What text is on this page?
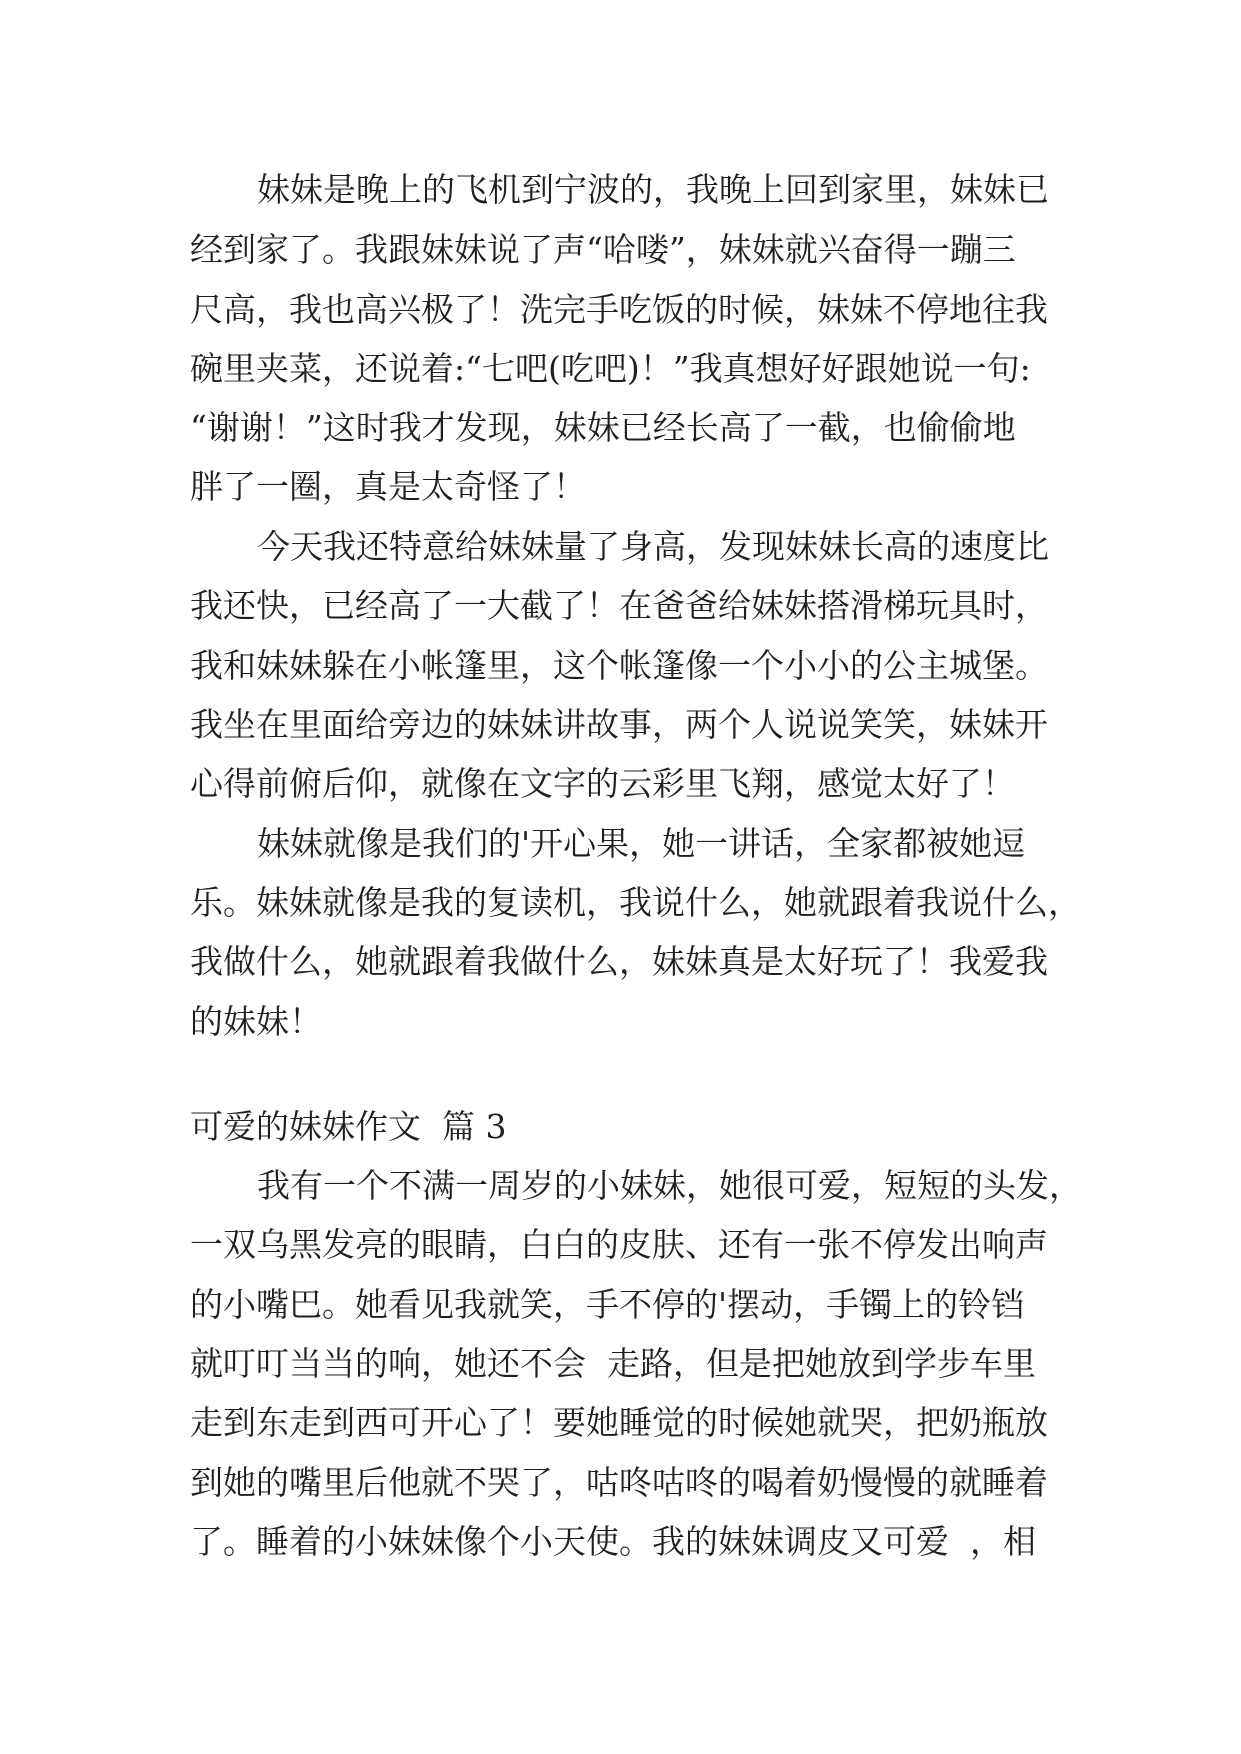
妹妹是晚上的飞机到宁波的，我晚上回到家里，妹妹已
经到家了。我跟妹妹说了声“哈喽”，妹妹就兴奋得一蹦三
尺高，我也高兴极了！洗完手吃饭的时候，妹妹不停地往我
碗里夹菜，还说着:“七吧(吃吧)！”我真想好好跟她说一句:
“谢谢！”这时我才发现，妹妹已经长高了一截，也偷偷地
胖了一圈，真是太奇怪了！
今天我还特意给妹妹量了身高，发现妹妹长高的速度比
我还快，已经高了一大截了！在爸爸给妹妹搭滑梯玩具时，
我和妹妹躲在小帐篷里，这个帐篷像一个小小的公主城堡。
我坐在里面给旁边的妹妹讲故事，两个人说说笑笑，妹妹开
心得前俯后仰，就像在文字的云彩里飞翔，感觉太好了！
妹妹就像是我们的'开心果，她一讲话，全家都被她逗
乐。妹妹就像是我的复读机，我说什么，她就跟着我说什么，
我做什么，她就跟着我做什么，妹妹真是太好玩了！我爱我
的妹妹！
可爱的妹妹作文  篇 3
我有一个不满一周岁的小妹妹，她很可爱，短短的头发，
一双乌黑发亮的眼睛，白白的皮肤、还有一张不停发出响声
的小嘴巴。她看见我就笑，手不停的'摆动，手镯上的铃铛
就叮叮当当的响，她还不会  走路，但是把她放到学步车里
走到东走到西可开心了！要她睡觉的时候她就哭，把奶瓶放
到她的嘴里后他就不哭了，咕咚咕咚的喝着奶慢慢的就睡着
了。睡着的小妹妹像个小天使。我的妹妹调皮又可爱  ，相
